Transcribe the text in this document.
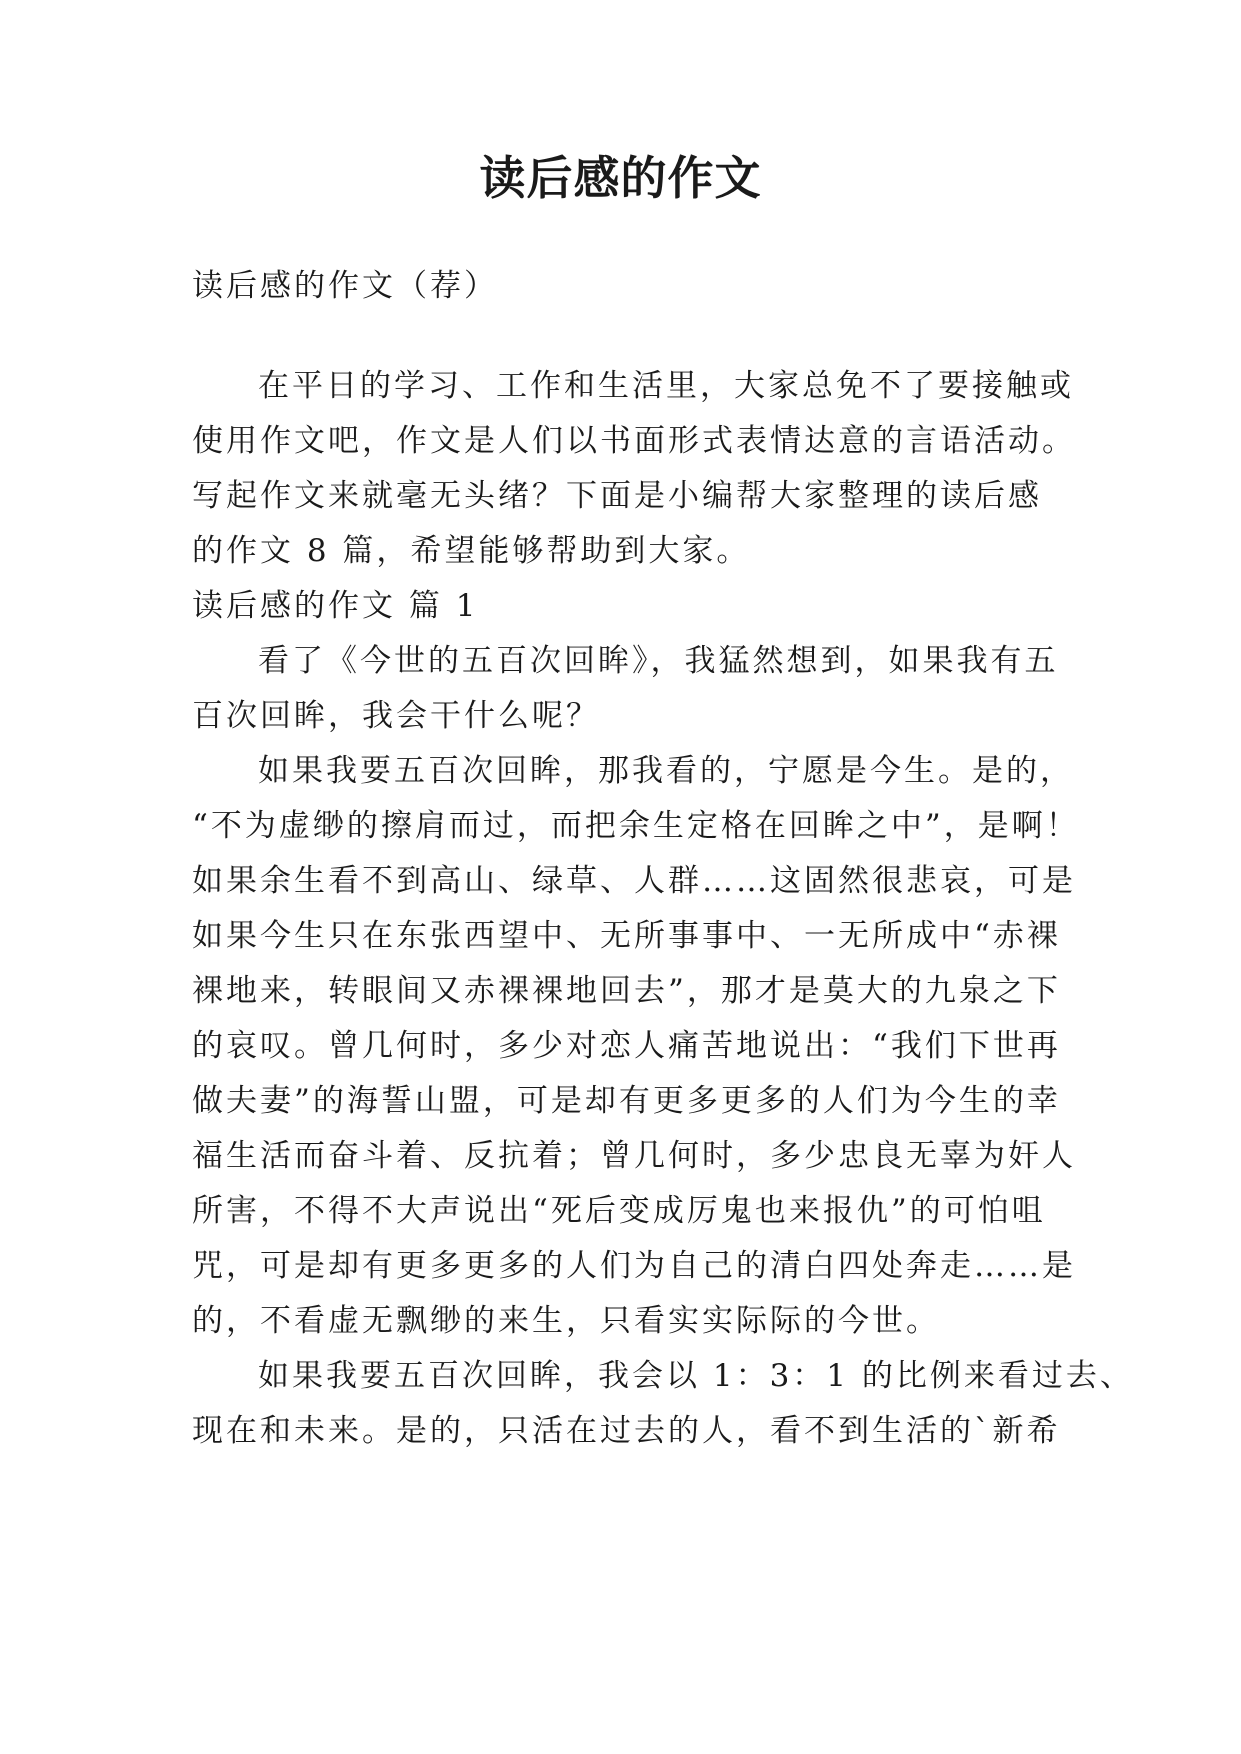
读后感的作文
读后感的作文（荐）
在平日的学习、工作和生活里，大家总免不了要接触或
使用作文吧，作文是人们以书面形式表情达意的言语活动。
写起作文来就毫无头绪？下面是小编帮大家整理的读后感
的作文 8 篇，希望能够帮助到大家。
读后感的作文 篇 1
看了《今世的五百次回眸》，我猛然想到，如果我有五
百次回眸，我会干什么呢？
如果我要五百次回眸，那我看的，宁愿是今生。是的，
“不为虚缈的擦肩而过，而把余生定格在回眸之中”，是啊！
如果余生看不到高山、绿草、人群……这固然很悲哀，可是
如果今生只在东张西望中、无所事事中、一无所成中“赤裸
裸地来，转眼间又赤裸裸地回去”，那才是莫大的九泉之下
的哀叹。曾几何时，多少对恋人痛苦地说出：“我们下世再
做夫妻”的海誓山盟，可是却有更多更多的人们为今生的幸
福生活而奋斗着、反抗着；曾几何时，多少忠良无辜为奸人
所害，不得不大声说出“死后变成厉鬼也来报仇”的可怕咀
咒，可是却有更多更多的人们为自己的清白四处奔走……是
的，不看虚无飘缈的来生，只看实实际际的今世。
如果我要五百次回眸，我会以 1：3：1 的比例来看过去、
现在和未来。是的，只活在过去的人，看不到生活的`新希
